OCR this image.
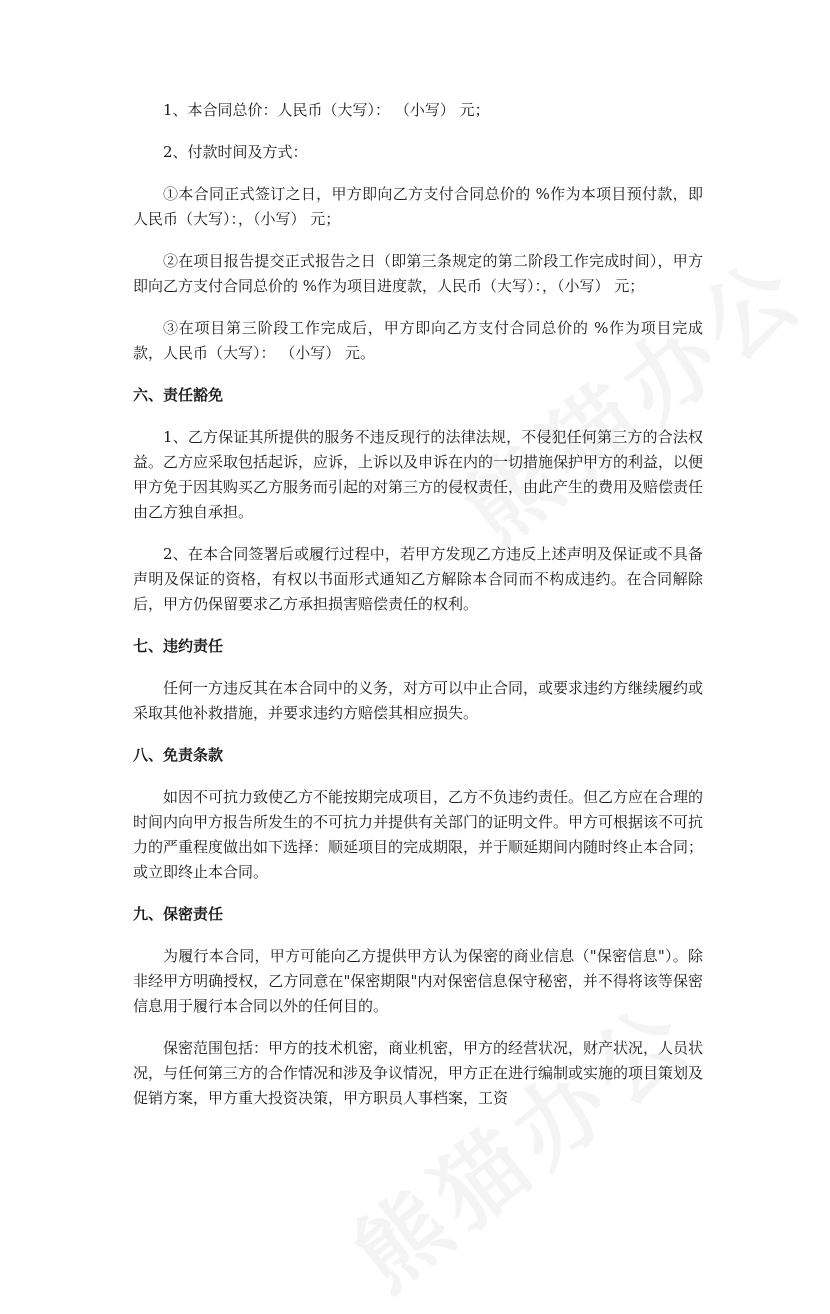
1、本合同总价：人民币（大写）： （小写） 元；

2、付款时间及方式：

①本合同正式签订之日，甲方即向乙方支付合同总价的 %作为本项目预付款，即人民币（大写）：，（小写） 元；

②在项目报告提交正式报告之日（即第三条规定的第二阶段工作完成时间），甲方即向乙方支付合同总价的 %作为项目进度款，人民币（大写）：，（小写） 元；

③在项目第三阶段工作完成后，甲方即向乙方支付合同总价的 %作为项目完成款，人民币（大写）： （小写） 元。

六、责任豁免

1、乙方保证其所提供的服务不违反现行的法律法规，不侵犯任何第三方的合法权益。乙方应采取包括起诉，应诉，上诉以及申诉在内的一切措施保护甲方的利益，以便甲方免于因其购买乙方服务而引起的对第三方的侵权责任，由此产生的费用及赔偿责任由乙方独自承担。

2、在本合同签署后或履行过程中，若甲方发现乙方违反上述声明及保证或不具备声明及保证的资格，有权以书面形式通知乙方解除本合同而不构成违约。在合同解除后，甲方仍保留要求乙方承担损害赔偿责任的权利。

七、违约责任

任何一方违反其在本合同中的义务，对方可以中止合同，或要求违约方继续履约或采取其他补救措施，并要求违约方赔偿其相应损失。

八、免责条款

如因不可抗力致使乙方不能按期完成项目，乙方不负违约责任。但乙方应在合理的时间内向甲方报告所发生的不可抗力并提供有关部门的证明文件。甲方可根据该不可抗力的严重程度做出如下选择：顺延项目的完成期限，并于顺延期间内随时终止本合同；或立即终止本合同。

九、保密责任

为履行本合同，甲方可能向乙方提供甲方认为保密的商业信息（"保密信息"）。除非经甲方明确授权，乙方同意在"保密期限"内对保密信息保守秘密，并不得将该等保密信息用于履行本合同以外的任何目的。

保密范围包括：甲方的技术机密，商业机密，甲方的经营状况，财产状况，人员状况，与任何第三方的合作情况和涉及争议情况，甲方正在进行编制或实施的项目策划及促销方案，甲方重大投资决策，甲方职员人事档案，工资
